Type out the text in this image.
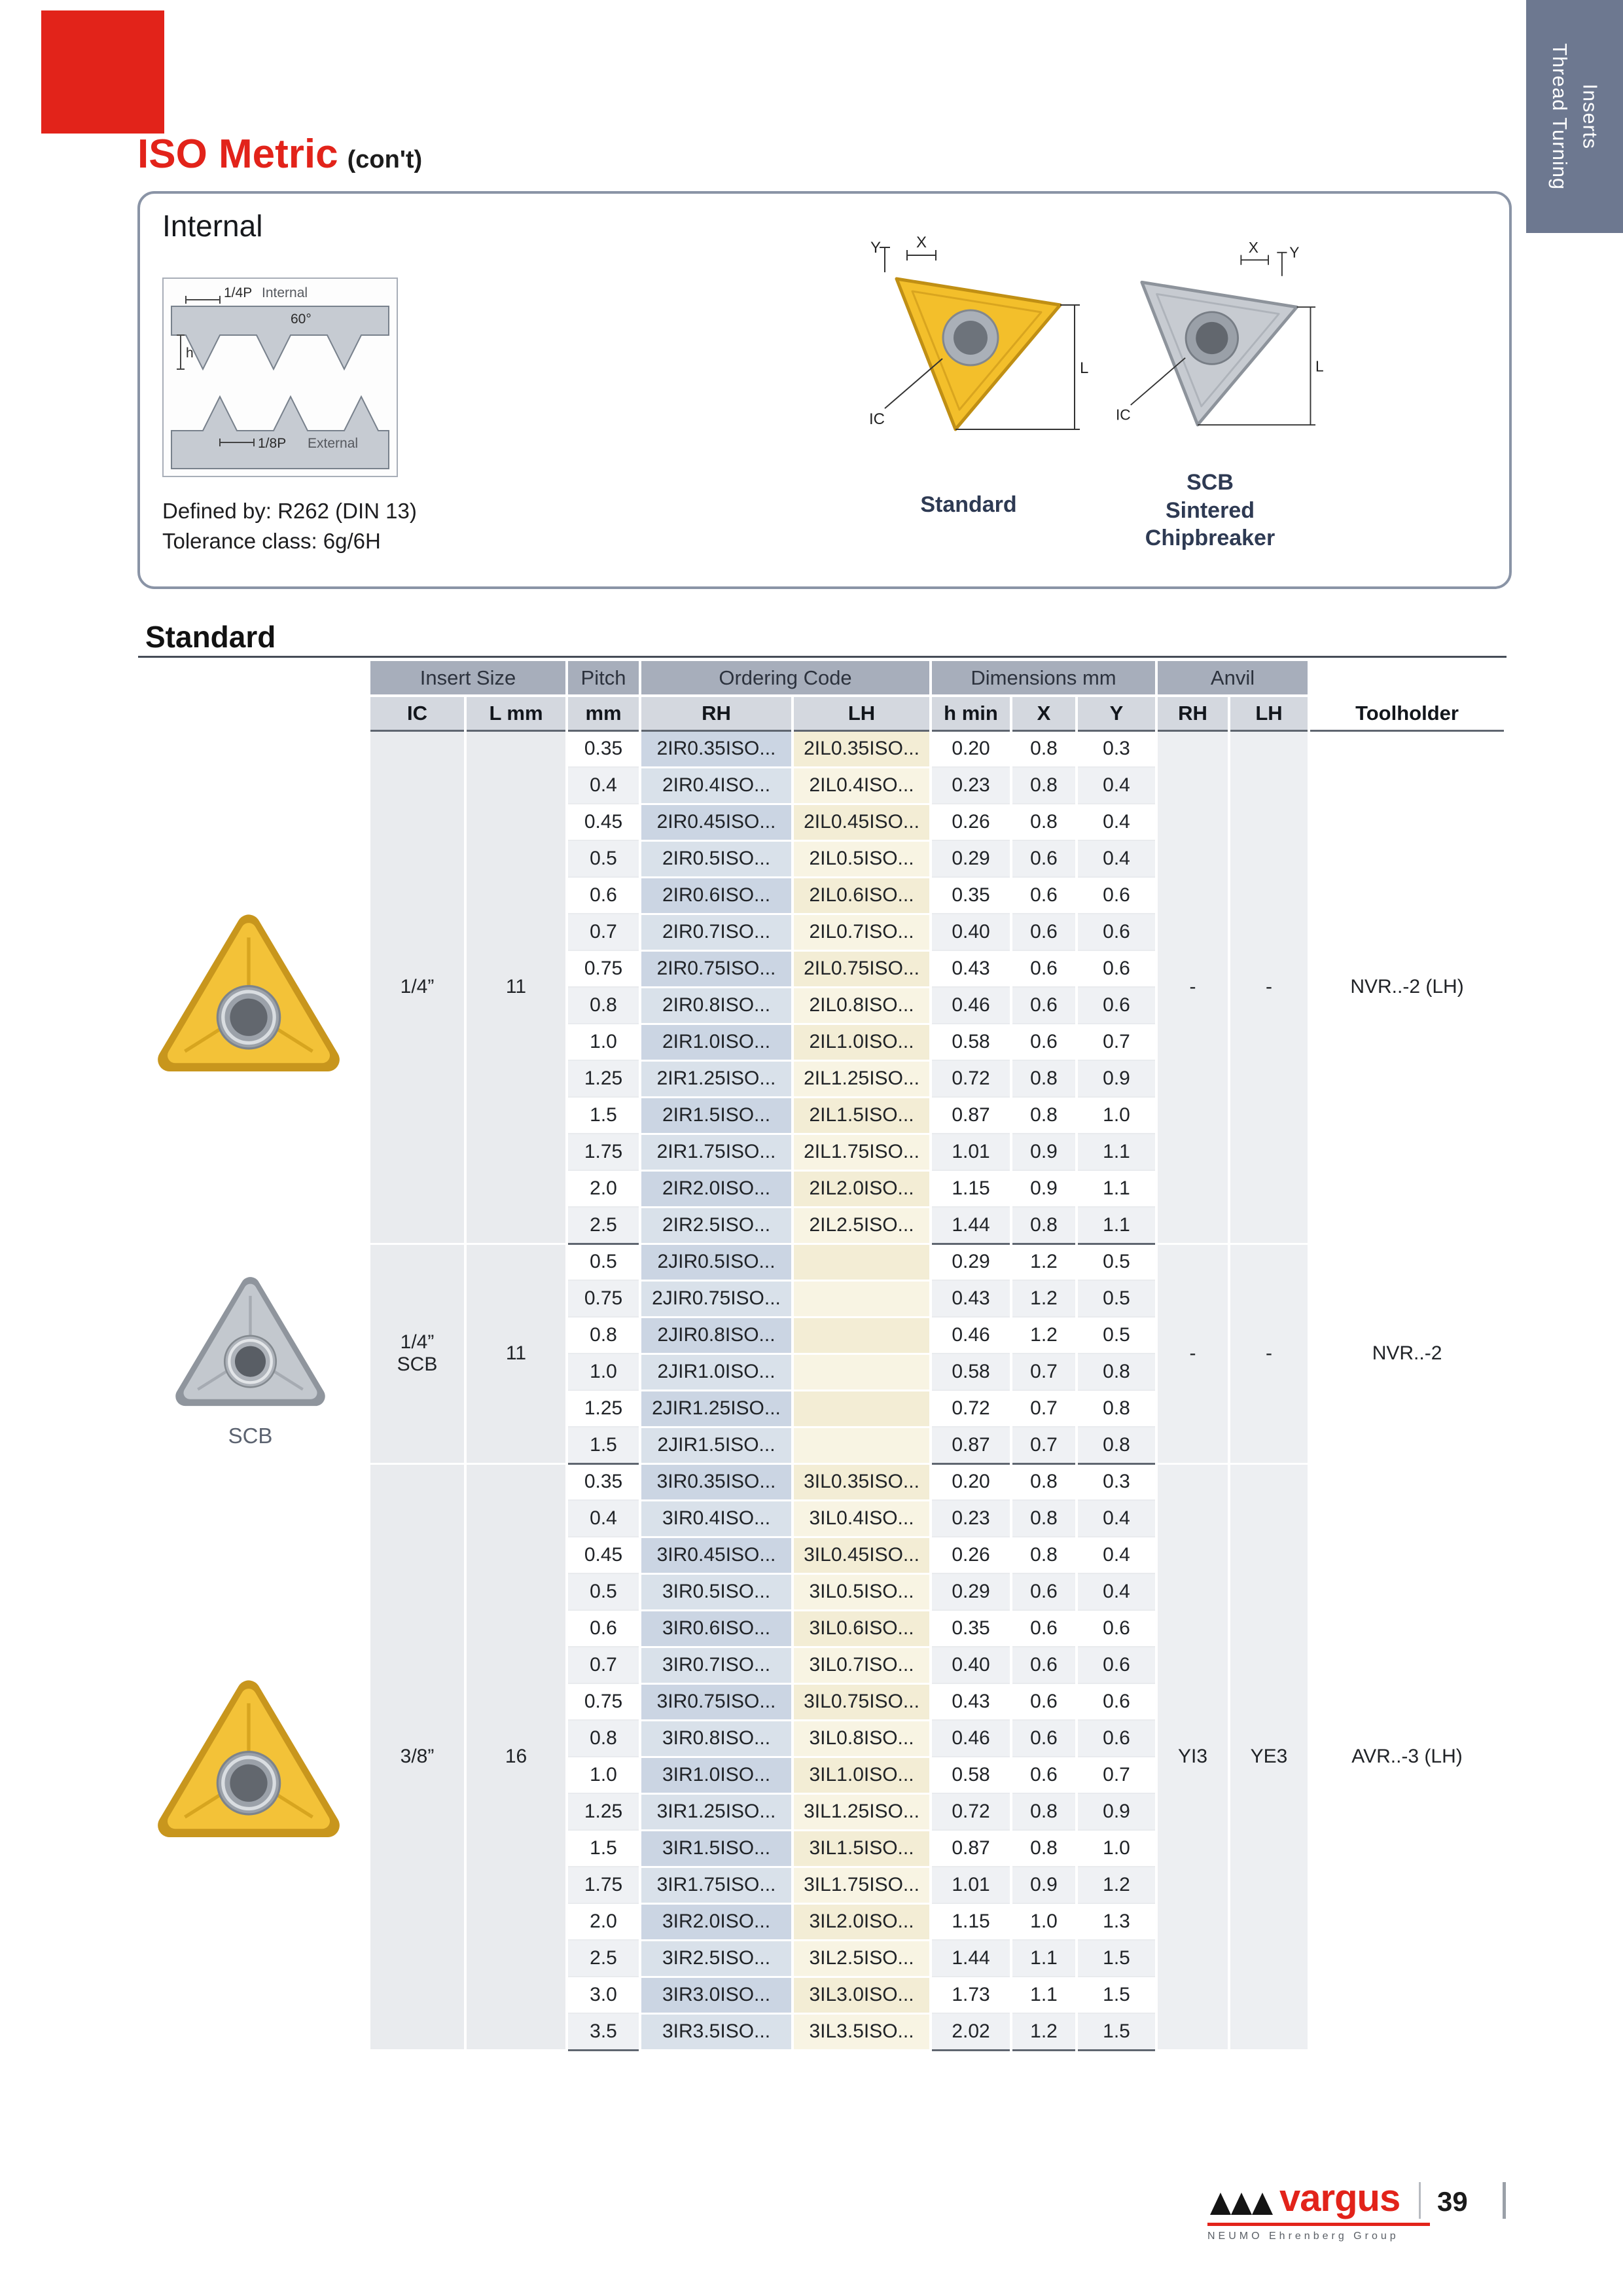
Thread Turning Inserts
ISO Metric (con't)
Internal
1/4P Internal
60°
h
1/8P External
Defined by: R262 (DIN 13)
Tolerance class: 6g/6H
Y X
L
IC
Y
X
L
IC
Standard
SCB
Sintered
Chipbreaker
Standard
SCB
Insert Size		Pitch	Ordering Code		Dimensions mm			Anvil		
IC	L mm	mm	RH	LH	h min	X	Y	RH	LH	Toolholder
1/4”	11	0.35	2IR0.35ISO...	2IL0.35ISO...	0.20	0.8	0.3	-	-	NVR..-2 (LH)
		0.4	2IR0.4ISO...	2IL0.4ISO...	0.23	0.8	0.4			
		0.45	2IR0.45ISO...	2IL0.45ISO...	0.26	0.8	0.4			
		0.5	2IR0.5ISO...	2IL0.5ISO...	0.29	0.6	0.4			
		0.6	2IR0.6ISO...	2IL0.6ISO...	0.35	0.6	0.6			
		0.7	2IR0.7ISO...	2IL0.7ISO...	0.40	0.6	0.6			
		0.75	2IR0.75ISO...	2IL0.75ISO...	0.43	0.6	0.6			
		0.8	2IR0.8ISO...	2IL0.8ISO...	0.46	0.6	0.6			
		1.0	2IR1.0ISO...	2IL1.0ISO...	0.58	0.6	0.7			
		1.25	2IR1.25ISO...	2IL1.25ISO...	0.72	0.8	0.9			
		1.5	2IR1.5ISO...	2IL1.5ISO...	0.87	0.8	1.0			
		1.75	2IR1.75ISO...	2IL1.75ISO...	1.01	0.9	1.1			
		2.0	2IR2.0ISO...	2IL2.0ISO...	1.15	0.9	1.1			
		2.5	2IR2.5ISO...	2IL2.5ISO...	1.44	0.8	1.1			
1/4”
SCB	11	0.5	2JIR0.5ISO...		0.29	1.2	0.5	-	-	NVR..-2
		0.75	2JIR0.75ISO...		0.43	1.2	0.5			
		0.8	2JIR0.8ISO...		0.46	1.2	0.5			
		1.0	2JIR1.0ISO...		0.58	0.7	0.8			
		1.25	2JIR1.25ISO...		0.72	0.7	0.8			
		1.5	2JIR1.5ISO...		0.87	0.7	0.8			
3/8”	16	0.35	3IR0.35ISO...	3IL0.35ISO...	0.20	0.8	0.3	YI3	YE3	AVR..-3 (LH)
		0.4	3IR0.4ISO...	3IL0.4ISO...	0.23	0.8	0.4			
		0.45	3IR0.45ISO...	3IL0.45ISO...	0.26	0.8	0.4			
		0.5	3IR0.5ISO...	3IL0.5ISO...	0.29	0.6	0.4			
		0.6	3IR0.6ISO...	3IL0.6ISO...	0.35	0.6	0.6			
		0.7	3IR0.7ISO...	3IL0.7ISO...	0.40	0.6	0.6			
		0.75	3IR0.75ISO...	3IL0.75ISO...	0.43	0.6	0.6			
		0.8	3IR0.8ISO...	3IL0.8ISO...	0.46	0.6	0.6			
		1.0	3IR1.0ISO...	3IL1.0ISO...	0.58	0.6	0.7			
		1.25	3IR1.25ISO...	3IL1.25ISO...	0.72	0.8	0.9			
		1.5	3IR1.5ISO...	3IL1.5ISO...	0.87	0.8	1.0			
		1.75	3IR1.75ISO...	3IL1.75ISO...	1.01	0.9	1.2			
		2.0	3IR2.0ISO...	3IL2.0ISO...	1.15	1.0	1.3			
		2.5	3IR2.5ISO...	3IL2.5ISO...	1.44	1.1	1.5			
		3.0	3IR3.0ISO...	3IL3.0ISO...	1.73	1.1	1.5			
		3.5	3IR3.5ISO...	3IL3.5ISO...	2.02	1.2	1.5			
vargus 39
NEUMO Ehrenberg Group
